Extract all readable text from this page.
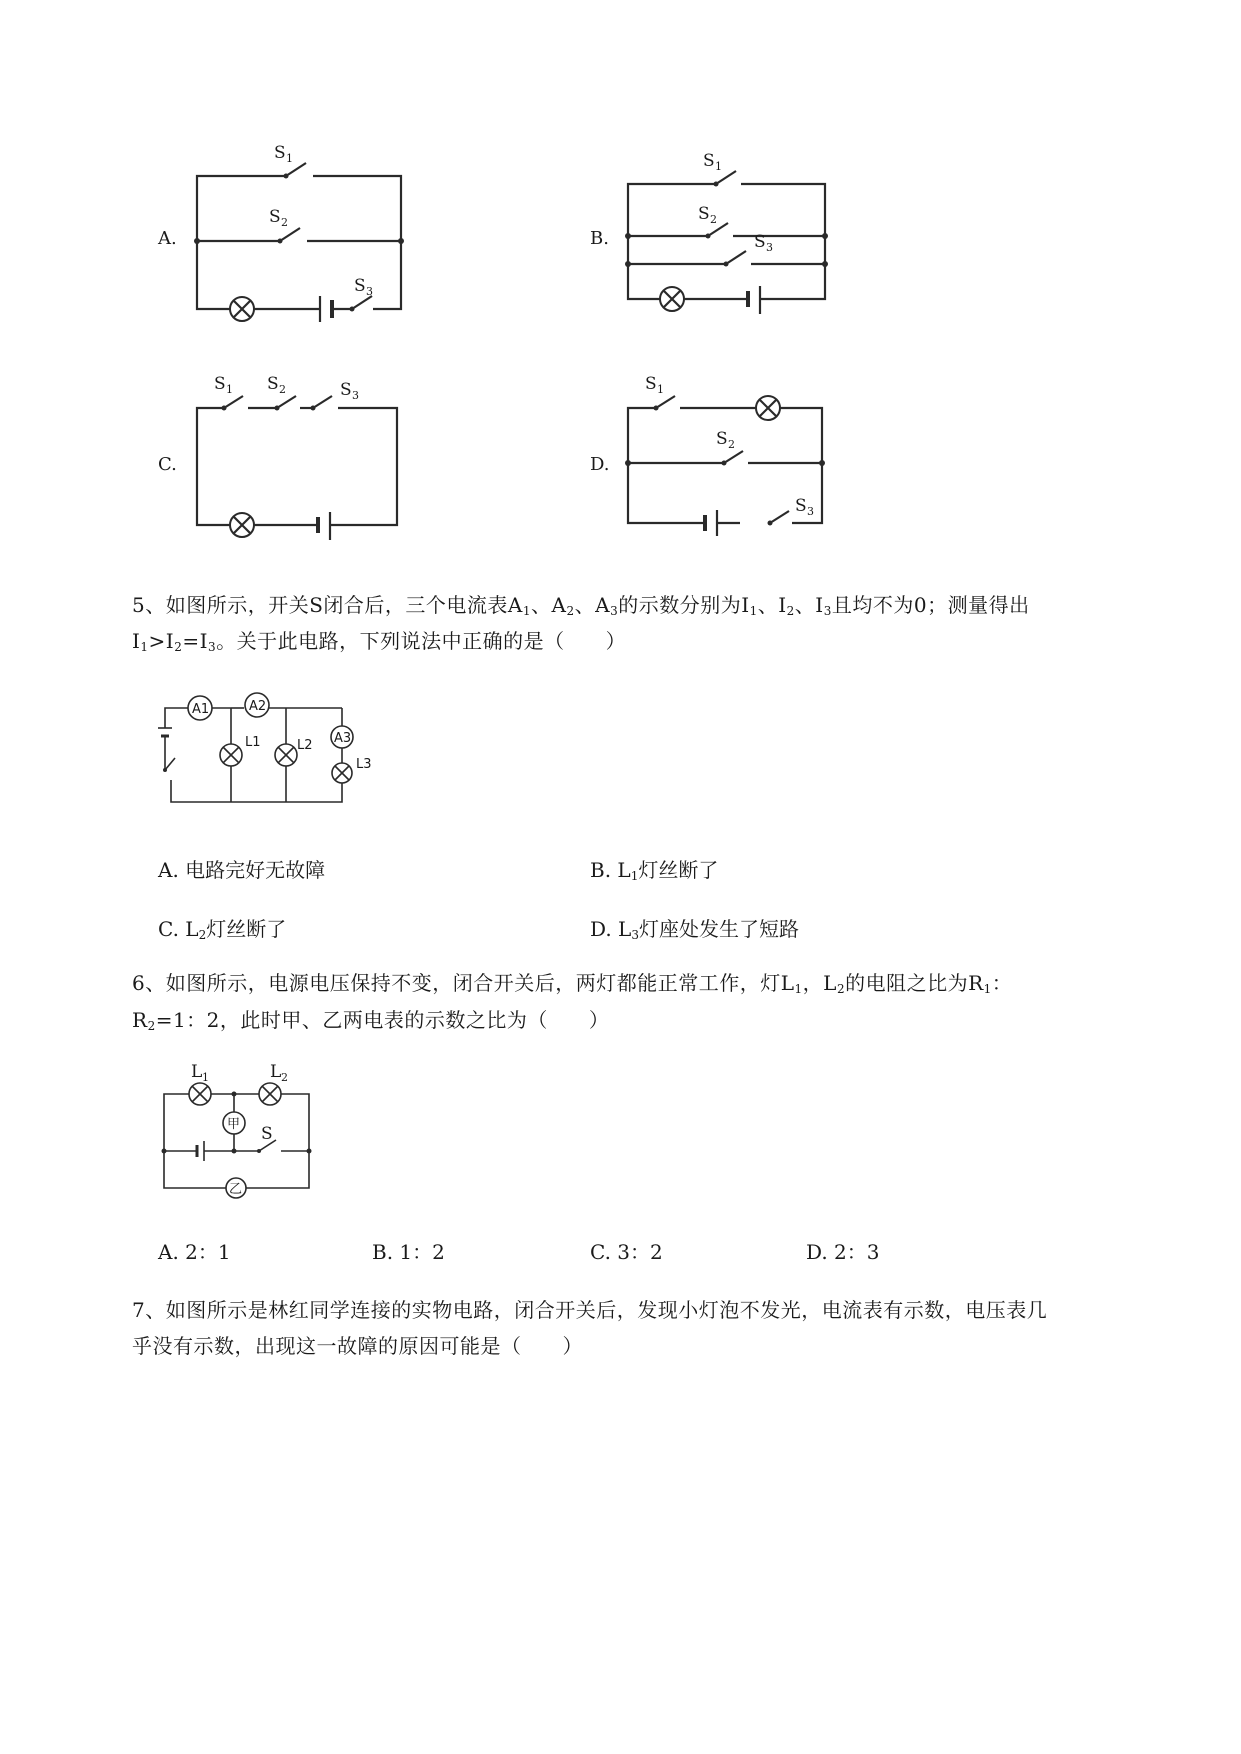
A.
S 1
S 2
S 3
B.
S 1
S 2
S 3
C.
S 1 S 2	S 3
D.
S 1
S 2
S 3
5、如图所示，开关S闭合后，三个电流表$A_1$、$A_2$、$A_3$的示数分别为$I_1$、$I_2$、$I_3$且均不为0；测量得出
$I_1>I_2=I_3$。关于此电路，下列说法中正确的是（　　）
A1	A2
A3
L3
L1	L2
A. 电路完好无故障	B. $L_1$灯丝断了
C. $L_2$灯丝断了	D. $L_3$灯座处发生了短路
6、如图所示，电源电压保持不变，闭合开关后，两灯都能正常工作，灯$L_1$，$L_2$的电阻之比为$R_1$：
$R_2=1$：2，此时甲、乙两电表的示数之比为（　　）
甲
乙
L 1	L 2
S
A. 2：1	B. 1：2	C. 3：2	D. 2：3
7、如图所示是林红同学连接的实物电路，闭合开关后，发现小灯泡不发光，电流表有示数，电压表几
乎没有示数，出现这一故障的原因可能是（　　）
